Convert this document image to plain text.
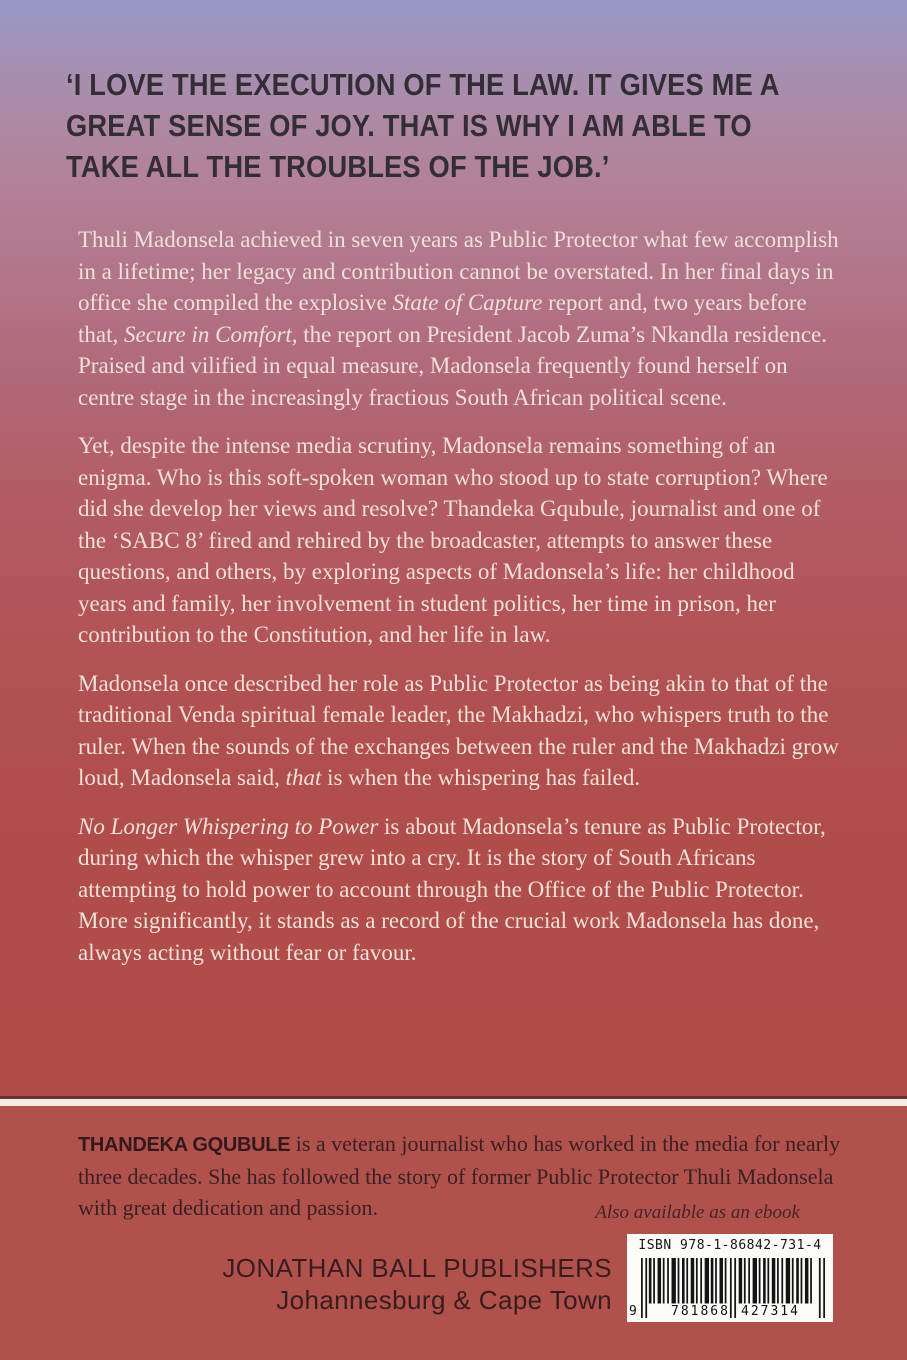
‘I LOVE THE EXECUTION OF THE LAW. IT GIVES ME A GREAT SENSE OF JOY. THAT IS WHY I AM ABLE TO TAKE ALL THE TROUBLES OF THE JOB.’

Thuli Madonsela achieved in seven years as Public Protector what few accomplish in a lifetime; her legacy and contribution cannot be overstated. In her final days in office she compiled the explosive State of Capture report and, two years before that, Secure in Comfort, the report on President Jacob Zuma’s Nkandla residence. Praised and vilified in equal measure, Madonsela frequently found herself on centre stage in the increasingly fractious South African political scene.

Yet, despite the intense media scrutiny, Madonsela remains something of an enigma. Who is this soft-spoken woman who stood up to state corruption? Where did she develop her views and resolve? Thandeka Gqubule, journalist and one of the ‘SABC 8’ fired and rehired by the broadcaster, attempts to answer these questions, and others, by exploring aspects of Madonsela’s life: her childhood years and family, her involvement in student politics, her time in prison, her contribution to the Constitution, and her life in law.

Madonsela once described her role as Public Protector as being akin to that of the traditional Venda spiritual female leader, the Makhadzi, who whispers truth to the ruler. When the sounds of the exchanges between the ruler and the Makhadzi grow loud, Madonsela said, that is when the whispering has failed.

No Longer Whispering to Power is about Madonsela’s tenure as Public Protector, during which the whisper grew into a cry. It is the story of South Africans attempting to hold power to account through the Office of the Public Protector. More significantly, it stands as a record of the crucial work Madonsela has done, always acting without fear or favour.

THANDEKA GQUBULE is a veteran journalist who has worked in the media for nearly three decades. She has followed the story of former Public Protector Thuli Madonsela with great dedication and passion.	Also available as an ebook
JONATHAN BALL PUBLISHERS
Johannesburg & Cape Town
ISBN 978-1-86842-731-4
9	781868 427314
